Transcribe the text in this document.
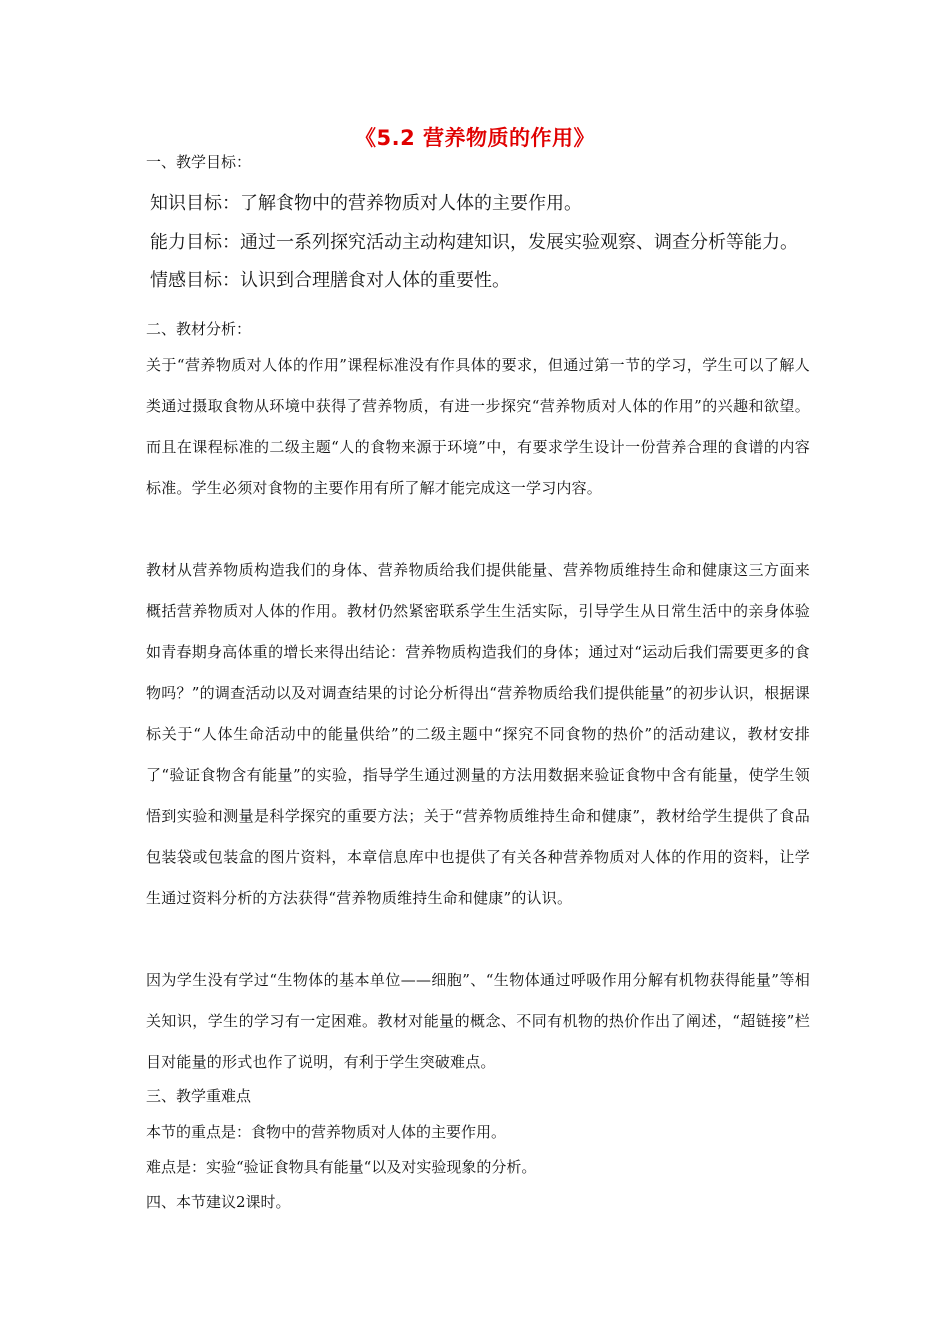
《5.2 营养物质的作用》
一、教学目标：
知识目标：了解食物中的营养物质对人体的主要作用。
能力目标：通过一系列探究活动主动构建知识，发展实验观察、调查分析等能力。
情感目标：认识到合理膳食对人体的重要性。
二、教材分析：
关于“营养物质对人体的作用”课程标准没有作具体的要求，但通过第一节的学习，学生可以了解人类通过摄取食物从环境中获得了营养物质，有进一步探究“营养物质对人体的作用”的兴趣和欲望。而且在课程标准的二级主题“人的食物来源于环境”中，有要求学生设计一份营养合理的食谱的内容标准。学生必须对食物的主要作用有所了解才能完成这一学习内容。
教材从营养物质构造我们的身体、营养物质给我们提供能量、营养物质维持生命和健康这三方面来概括营养物质对人体的作用。教材仍然紧密联系学生生活实际，引导学生从日常生活中的亲身体验如青春期身高体重的增长来得出结论：营养物质构造我们的身体；通过对“运动后我们需要更多的食物吗？”的调查活动以及对调查结果的讨论分析得出“营养物质给我们提供能量”的初步认识，根据课标关于“人体生命活动中的能量供给”的二级主题中“探究不同食物的热价”的活动建议，教材安排了“验证食物含有能量”的实验，指导学生通过测量的方法用数据来验证食物中含有能量，使学生领悟到实验和测量是科学探究的重要方法；关于“营养物质维持生命和健康”，教材给学生提供了食品包装袋或包装盒的图片资料，本章信息库中也提供了有关各种营养物质对人体的作用的资料，让学生通过资料分析的方法获得“营养物质维持生命和健康”的认识。
因为学生没有学过“生物体的基本单位——细胞”、“生物体通过呼吸作用分解有机物获得能量”等相关知识，学生的学习有一定困难。教材对能量的概念、不同有机物的热价作出了阐述，“超链接”栏目对能量的形式也作了说明，有利于学生突破难点。
三、教学重难点
本节的重点是：食物中的营养物质对人体的主要作用。
难点是：实验“验证食物具有能量“以及对实验现象的分析。
四、本节建议2课时。
